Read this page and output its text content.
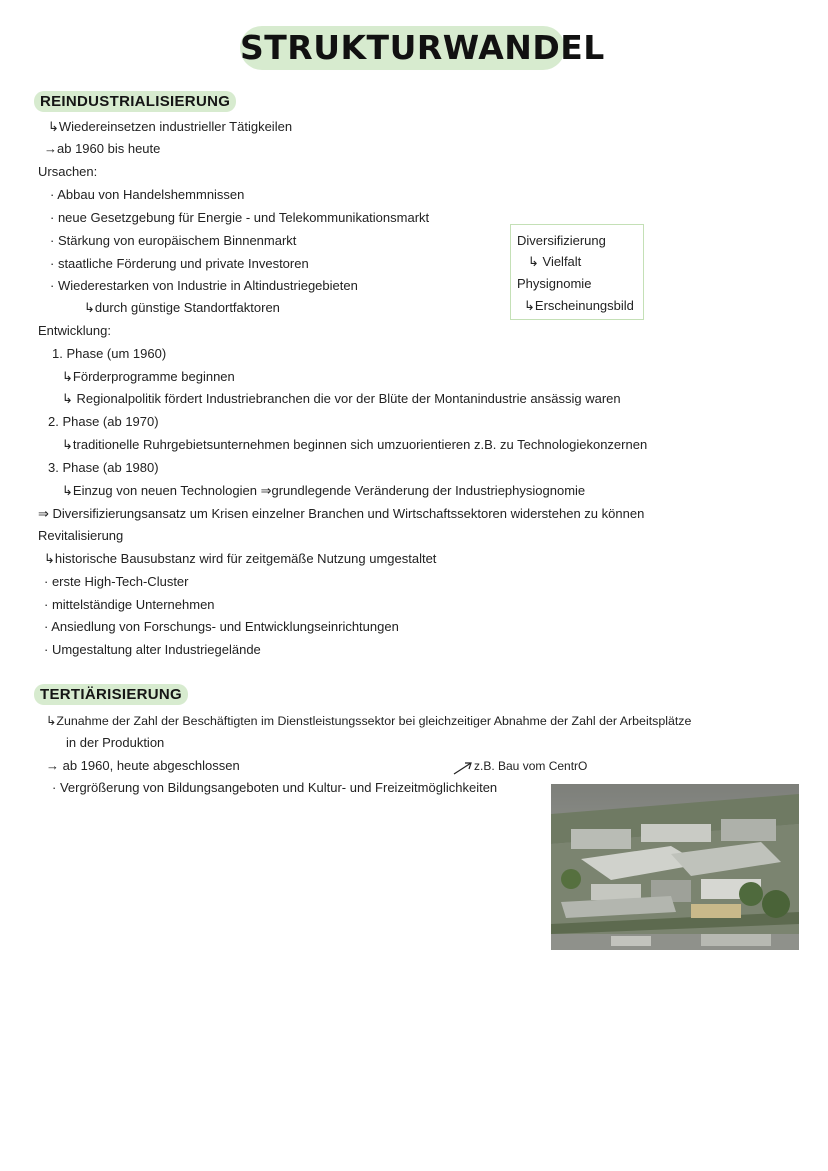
STRUKTURWANDEL
REINDUSTRIALISIERUNG
↳Wiedereinsetzen industrieller Tätigkeilen
→ab 1960 bis heute
Ursachen:
· Abbau von Handelshemmnissen
· neue Gesetzgebung für Energie - und Telekommunikationsmarkt
· Stärkung von europäischem Binnenmarkt
· staatliche Förderung und private Investoren
· Wiederestarken von Industrie in Altindustriegebieten
↳durch günstige Standortfaktoren
Diversifizierung
↳ Vielfalt
Physignomie
↳Erscheinungsbild
Entwicklung:
1. Phase (um 1960)
↳Förderprogramme beginnen
↳ Regionalpolitik fördert Industriebranchen die vor der Blüte der Montanindustrie ansässig waren
2. Phase (ab 1970)
↳traditionelle Ruhrgebietsunternehmen beginnen sich umzuorientieren z.B. zu Technologiekonzernen
3. Phase (ab 1980)
↳Einzug von neuen Technologien ⇒grundlegende Veränderung der Industriephysiognomie
⇒ Diversifizierungsansatz um Krisen einzelner Branchen und Wirtschaftssektoren widerstehen zu können
Revitalisierung
↳historische Bausubstanz wird für zeitgemäße Nutzung umgestaltet
· erste High-Tech-Cluster
· mittelständige Unternehmen
· Ansiedlung von Forschungs- und Entwicklungseinrichtungen
· Umgestaltung alter Industriegelände
TERTIÄRISIERUNG
↳Zunahme der Zahl der Beschäftigten im Dienstleistungssektor bei gleichzeitiger Abnahme der Zahl der Arbeitsplätze
in der Produktion
→ ab 1960, heute abgeschlossen	z.B. Bau vom CentrO
· Vergrößerung von Bildungsangeboten und Kultur- und Freizeitmöglichkeiten
